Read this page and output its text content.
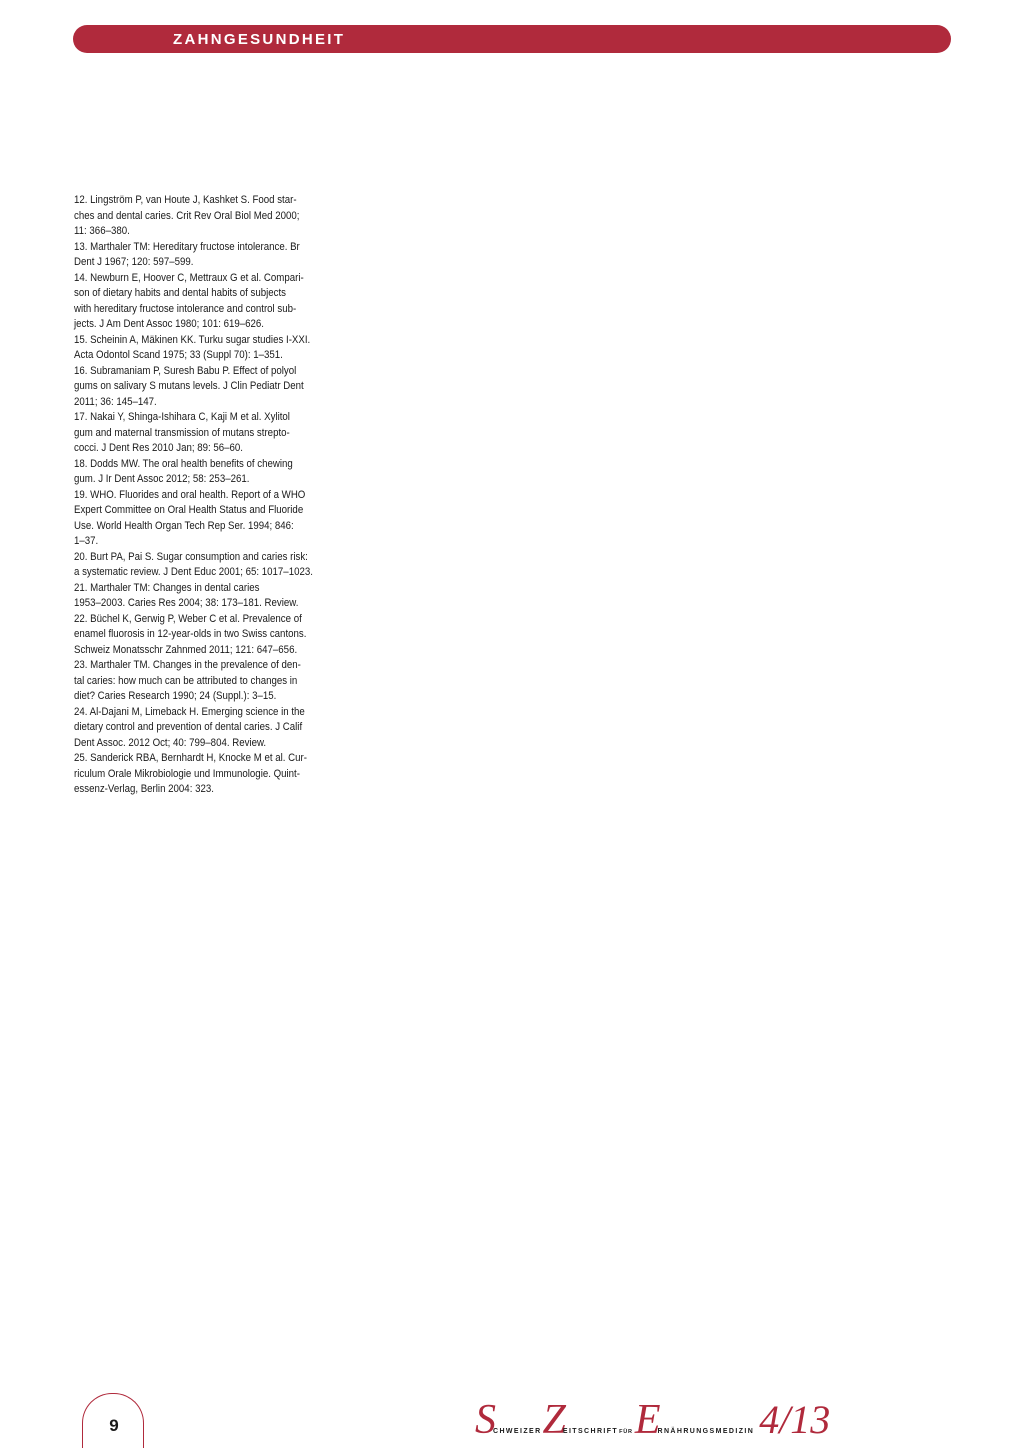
ZAHNGESUNDHEIT

12. Lingström P, van Houte J, Kashket S. Food star-

ches and dental caries. Crit Rev Oral Biol Med 2000;

11: 366–380.

13. Marthaler TM: Hereditary fructose intolerance. Br

Dent J 1967; 120: 597–599.

14. Newburn E, Hoover C, Mettraux G et al. Compari-

son of dietary habits and dental habits of subjects

with hereditary fructose intolerance and control sub-

jects. J Am Dent Assoc 1980; 101: 619–626.

15. Scheinin A, Mäkinen KK. Turku sugar studies I-XXI.

Acta Odontol Scand 1975; 33 (Suppl 70): 1–351.

16. Subramaniam P, Suresh Babu P. Effect of polyol

gums on salivary S mutans levels. J Clin Pediatr Dent

2011; 36: 145–147.

17. Nakai Y, Shinga-Ishihara C, Kaji M et al. Xylitol

gum and maternal transmission of mutans strepto-

cocci. J Dent Res 2010 Jan; 89: 56–60.

18. Dodds MW. The oral health benefits of chewing

gum. J Ir Dent Assoc 2012; 58: 253–261.

19. WHO. Fluorides and oral health. Report of a WHO

Expert Committee on Oral Health Status and Fluoride

Use. World Health Organ Tech Rep Ser. 1994; 846:

1–37.

20. Burt PA, Pai S. Sugar consumption and caries risk:

a systematic review. J Dent Educ 2001; 65: 1017–1023.

21. Marthaler TM: Changes in dental caries

1953–2003. Caries Res 2004; 38: 173–181. Review.

22. Büchel K, Gerwig P, Weber C et al. Prevalence of

enamel fluorosis in 12-year-olds in two Swiss cantons.

Schweiz Monatsschr Zahnmed 2011; 121: 647–656.

23. Marthaler TM. Changes in the prevalence of den-

tal caries: how much can be attributed to changes in

diet? Caries Research 1990; 24 (Suppl.): 3–15.

24. Al-Dajani M, Limeback H. Emerging science in the

dietary control and prevention of dental caries. J Calif

Dent Assoc. 2012 Oct; 40: 799–804. Review.

25. Sanderick RBA, Bernhardt H, Knocke M et al. Cur-

riculum Orale Mikrobiologie und Immunologie. Quint-

essenz-Verlag, Berlin 2004: 323.

9	SCHWEIZERZEITSCHRIFTFÜRERNÄHRUNGSMEDIZIN 4/13
